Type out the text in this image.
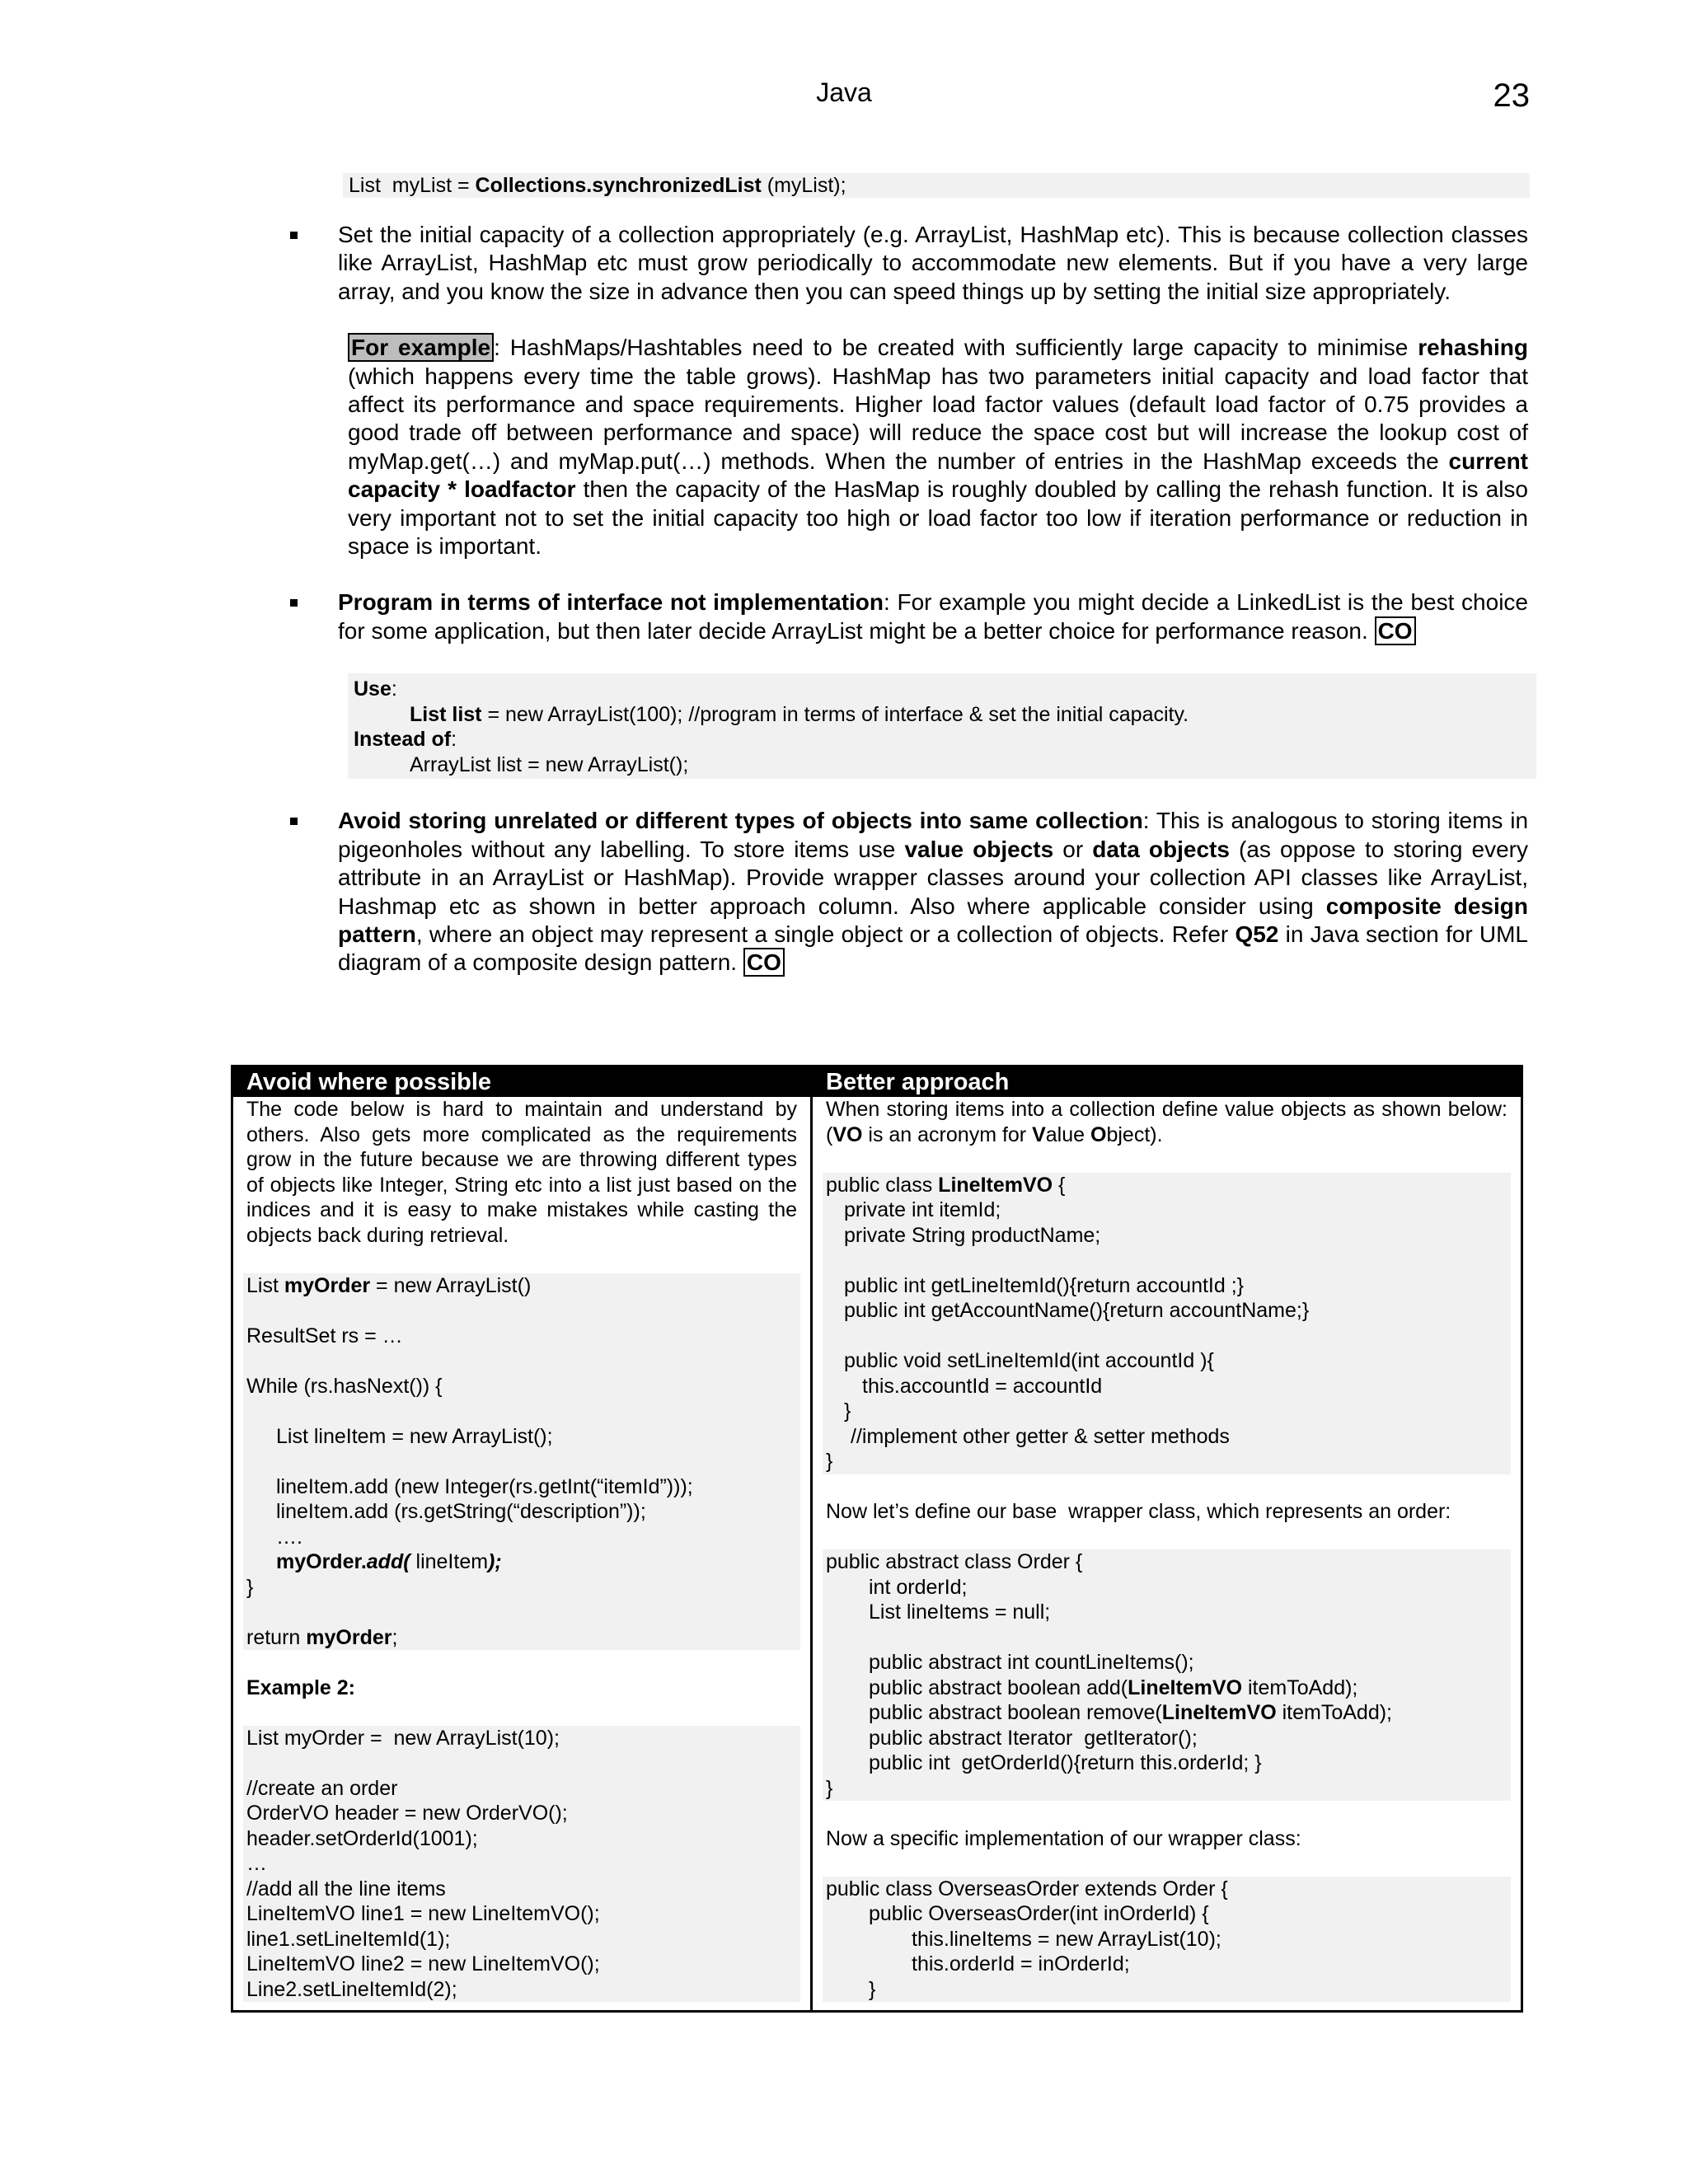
Java	23
List  myList = Collections.synchronizedList (myList);
Set the initial capacity of a collection appropriately (e.g. ArrayList, HashMap etc). This is because collection classes like ArrayList, HashMap etc must grow periodically to accommodate new elements. But if you have a very large array, and you know the size in advance then you can speed things up by setting the initial size appropriately.
For example : HashMaps/Hashtables need to be created with sufficiently large capacity to minimise rehashing (which happens every time the table grows). HashMap has two parameters initial capacity and load factor that affect its performance and space requirements. Higher load factor values (default load factor of 0.75 provides a good trade off between performance and space) will reduce the space cost but will increase the lookup cost of myMap.get(…) and myMap.put(…) methods. When the number of entries in the HashMap exceeds the current capacity * loadfactor then the capacity of the HasMap is roughly doubled by calling the rehash function. It is also very important not to set the initial capacity too high or load factor too low if iteration performance or reduction in space is important.
Program in terms of interface not implementation: For example you might decide a LinkedList is the best choice for some application, but then later decide ArrayList might be a better choice for performance reason. CO
Use:
List list = new ArrayList(100); //program in terms of interface & set the initial capacity.
Instead of:
ArrayList list = new ArrayList();
Avoid storing unrelated or different types of objects into same collection: This is analogous to storing items in pigeonholes without any labelling. To store items use value objects or data objects (as oppose to storing every attribute in an ArrayList or HashMap). Provide wrapper classes around your collection API classes like ArrayList, Hashmap etc as shown in better approach column. Also where applicable consider using composite design pattern, where an object may represent a single object or a collection of objects. Refer Q52 in Java section for UML diagram of a composite design pattern. CO
Avoid where possible
The code below is hard to maintain and understand by others. Also gets more complicated as the requirements grow in the future because we are throwing different types of objects like Integer, String etc into a list just based on the indices and it is easy to make mistakes while casting the objects back during retrieval.
List myOrder = new ArrayList()
ResultSet rs = …
While (rs.hasNext()) {
List lineItem = new ArrayList();
lineItem.add (new Integer(rs.getInt(“itemId”)));
lineItem.add (rs.getString(“description”));
….
myOrder.add( lineItem);
}
return myOrder;
Example 2:
List myOrder =  new ArrayList(10);
//create an order
OrderVO header = new OrderVO();
header.setOrderId(1001);
…
//add all the line items
LineItemVO line1 = new LineItemVO();
line1.setLineItemId(1);
LineItemVO line2 = new LineItemVO();
Line2.setLineItemId(2);
Better approach
When storing items into a collection define value objects as shown below: (VO is an acronym for Value Object).
public class LineItemVO {
private int itemId;
private String productName;
public int getLineItemId(){return accountId ;}
public int getAccountName(){return accountName;}
public void setLineItemId(int accountId ){
this.accountId = accountId
}
//implement other getter & setter methods
}
Now let’s define our base  wrapper class, which represents an order:
public abstract class Order {
int orderId;
List lineItems = null;
public abstract int countLineItems();
public abstract boolean add(LineItemVO itemToAdd);
public abstract boolean remove(LineItemVO itemToAdd);
public abstract Iterator  getIterator();
public int  getOrderId(){return this.orderId; }
}
Now a specific implementation of our wrapper class:
public class OverseasOrder extends Order {
public OverseasOrder(int inOrderId) {
this.lineItems = new ArrayList(10);
this.orderId = inOrderId;
}
